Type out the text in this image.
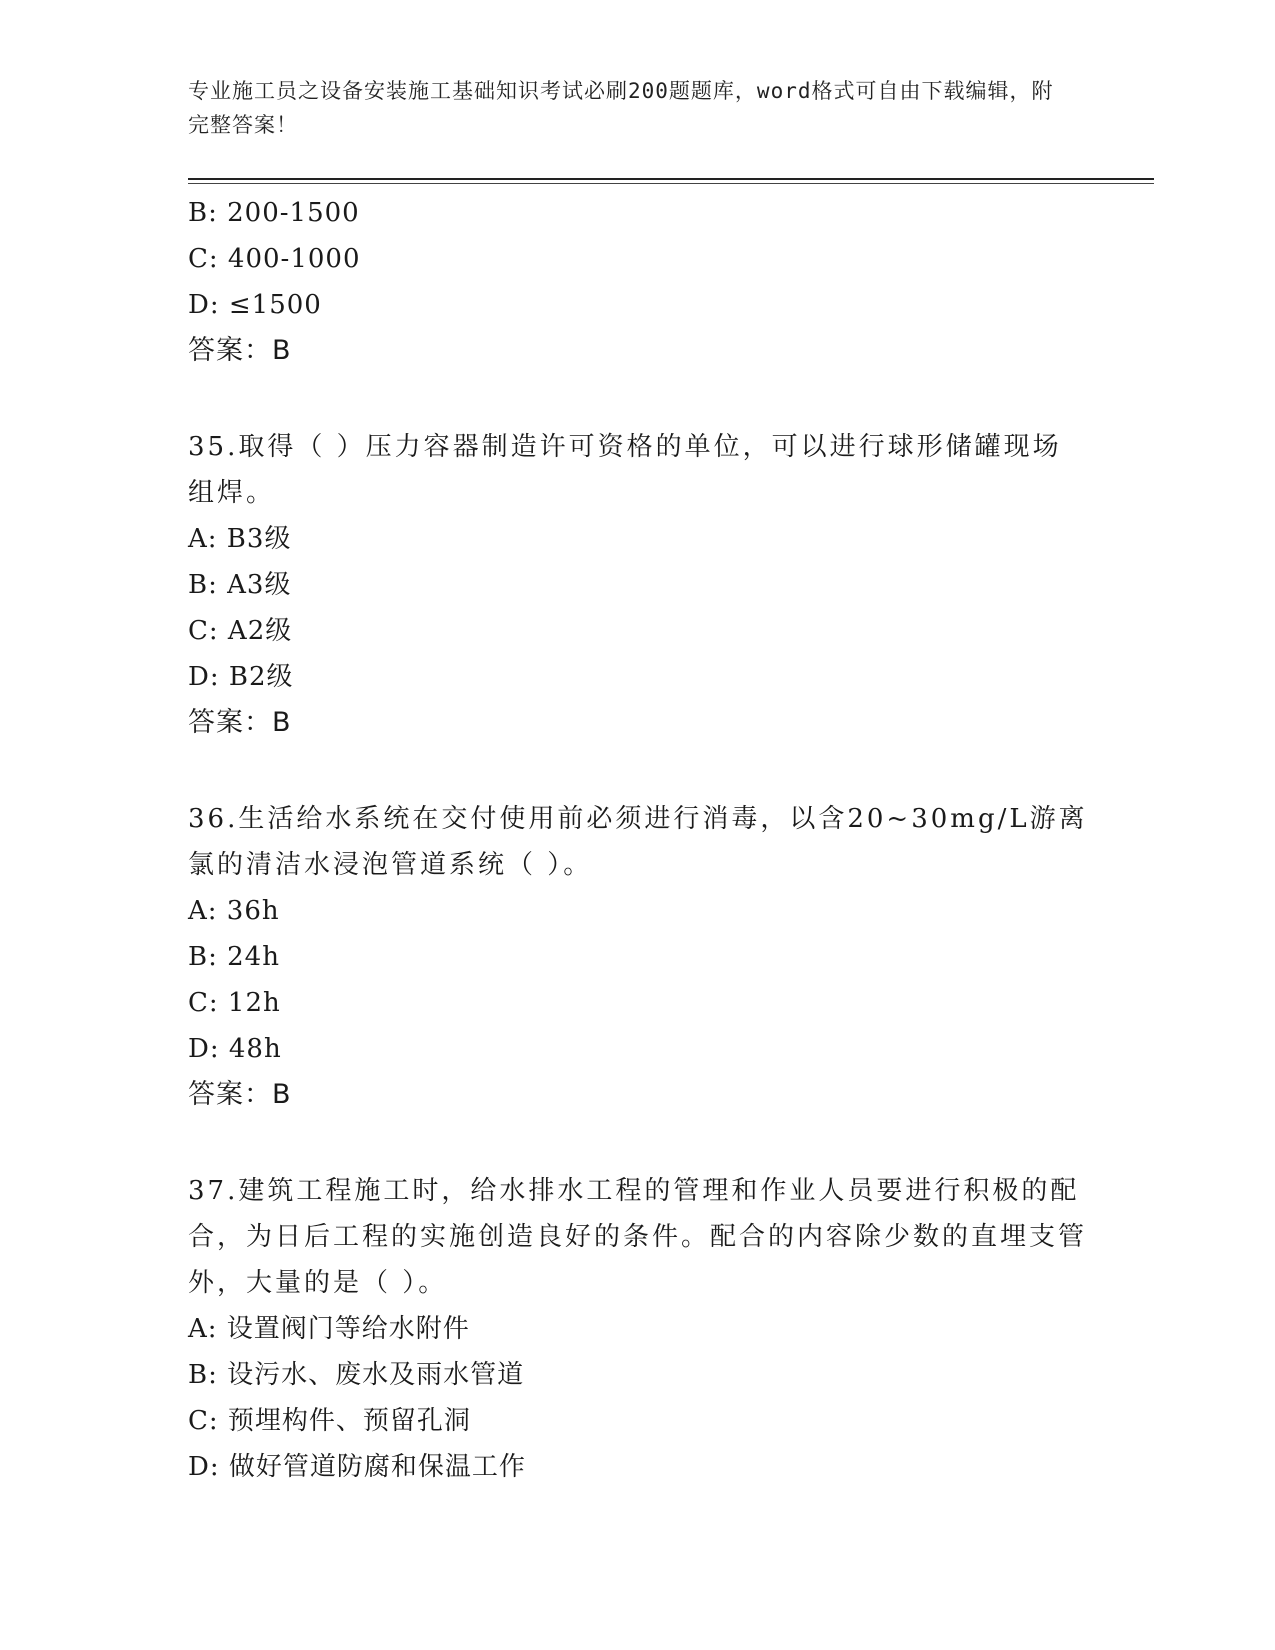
专业施工员之设备安装施工基础知识考试必刷200题题库，word格式可自由下载编辑，附完整答案！
B: 200-1500
C: 400-1000
D: ≤1500
答案：B
35.取得（ ）压力容器制造许可资格的单位，可以进行球形储罐现场组焊。
A: B3级
B: A3级
C: A2级
D: B2级
答案：B
36.生活给水系统在交付使用前必须进行消毒，以含20~30mg/L游离氯的清洁水浸泡管道系统（ ）。
A: 36h
B: 24h
C: 12h
D: 48h
答案：B
37.建筑工程施工时，给水排水工程的管理和作业人员要进行积极的配合，为日后工程的实施创造良好的条件。配合的内容除少数的直埋支管外，大量的是（ ）。
A: 设置阀门等给水附件
B: 设污水、废水及雨水管道
C: 预埋构件、预留孔洞
D: 做好管道防腐和保温工作
